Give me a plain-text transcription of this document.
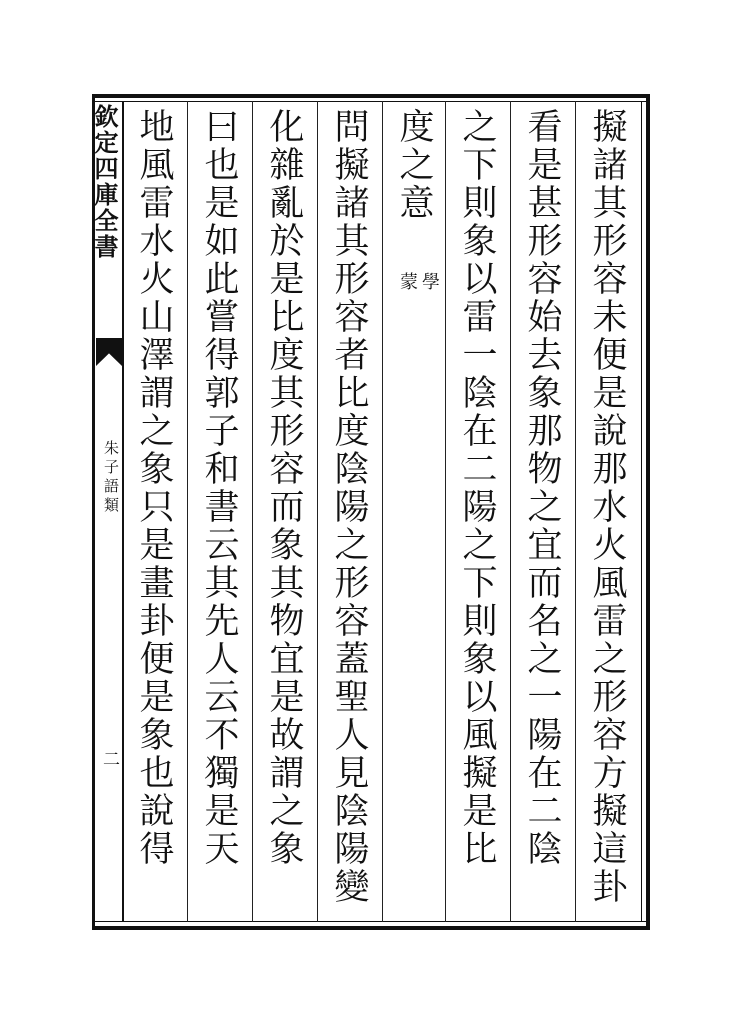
欽定四庫全書
朱子語類
二	擬諸其形容未便是說那水火風雷之形容方擬這卦
看是甚形容始去象那物之宜而名之一陽在二陰
之下則象以雷一陰在二陽之下則象以風擬是比
度之意
學
蒙
問擬諸其形容者比度陰陽之形容蓋聖人見陰陽變
化雜亂於是比度其形容而象其物宜是故謂之象
曰也是如此嘗得郭子和書云其先人云不獨是天
地風雷水火山澤謂之象只是畫卦便是象也說得
